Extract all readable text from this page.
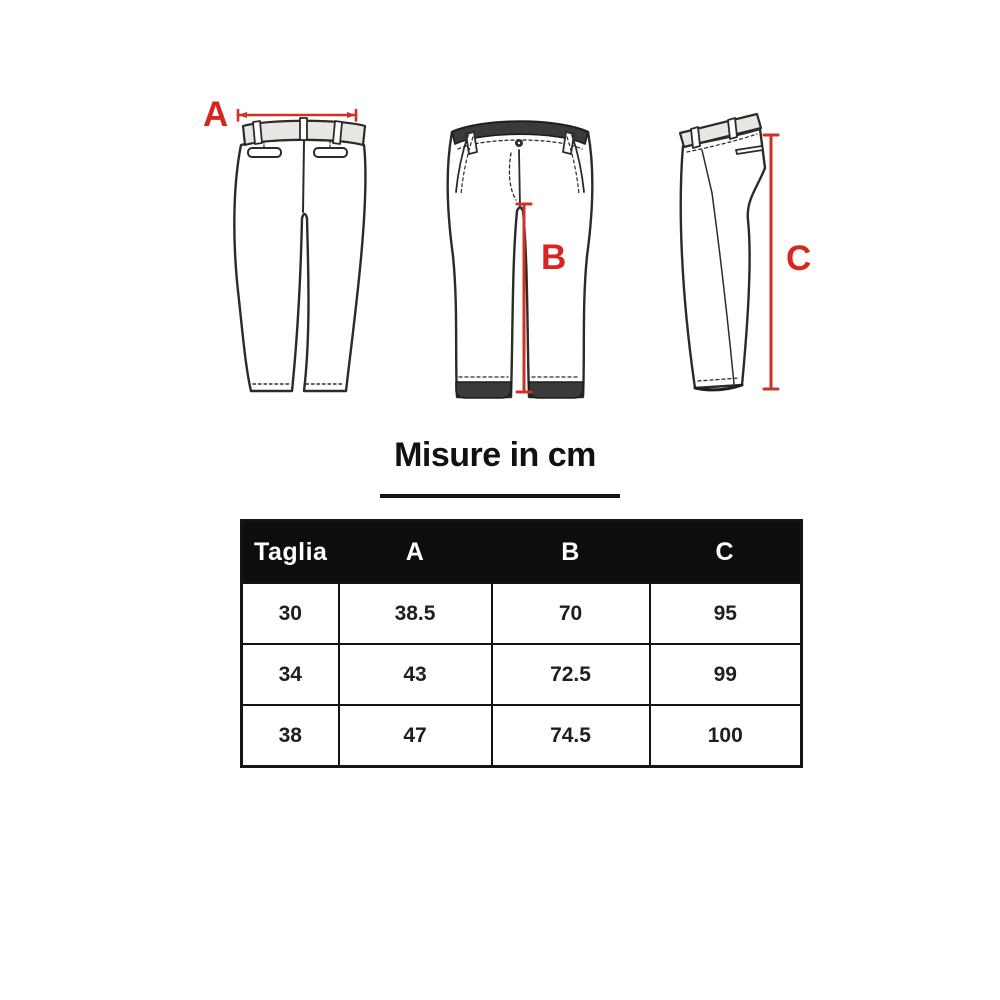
A
B	C
Misure in cm
Taglia	A	B	C
30	38.5	70	95
34	43	72.5	99
38	47	74.5	100
